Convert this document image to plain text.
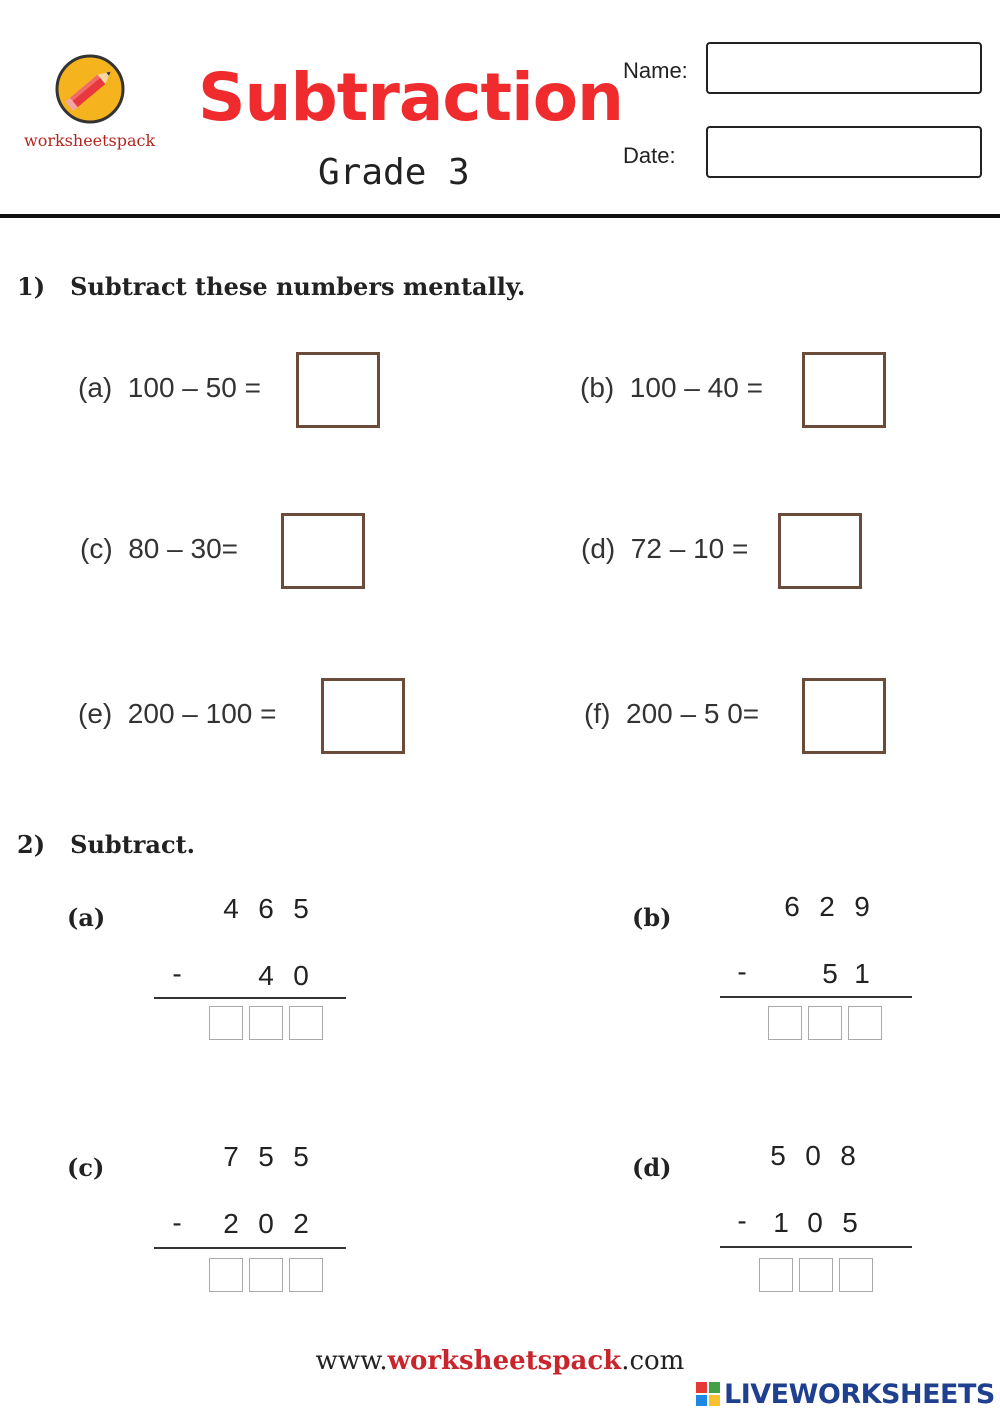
worksheetspack
Subtraction
Grade 3
Name:
Date:
1) Subtract these numbers mentally.
(a) 100 – 50 =	(b) 100 – 40 =
(c) 80 – 30=	(d) 72 – 10 =
(e) 200 – 100 =	(f) 200 – 5 0=
2) Subtract.
(a)	4 6 5
-	4 0
(b)	6 2 9
-	5 1
(c)	7 5 5
-	2 0 2
(d)	5 0 8
- 1 0 5
www.worksheetspack.com
LIVEWORKSHEETS
